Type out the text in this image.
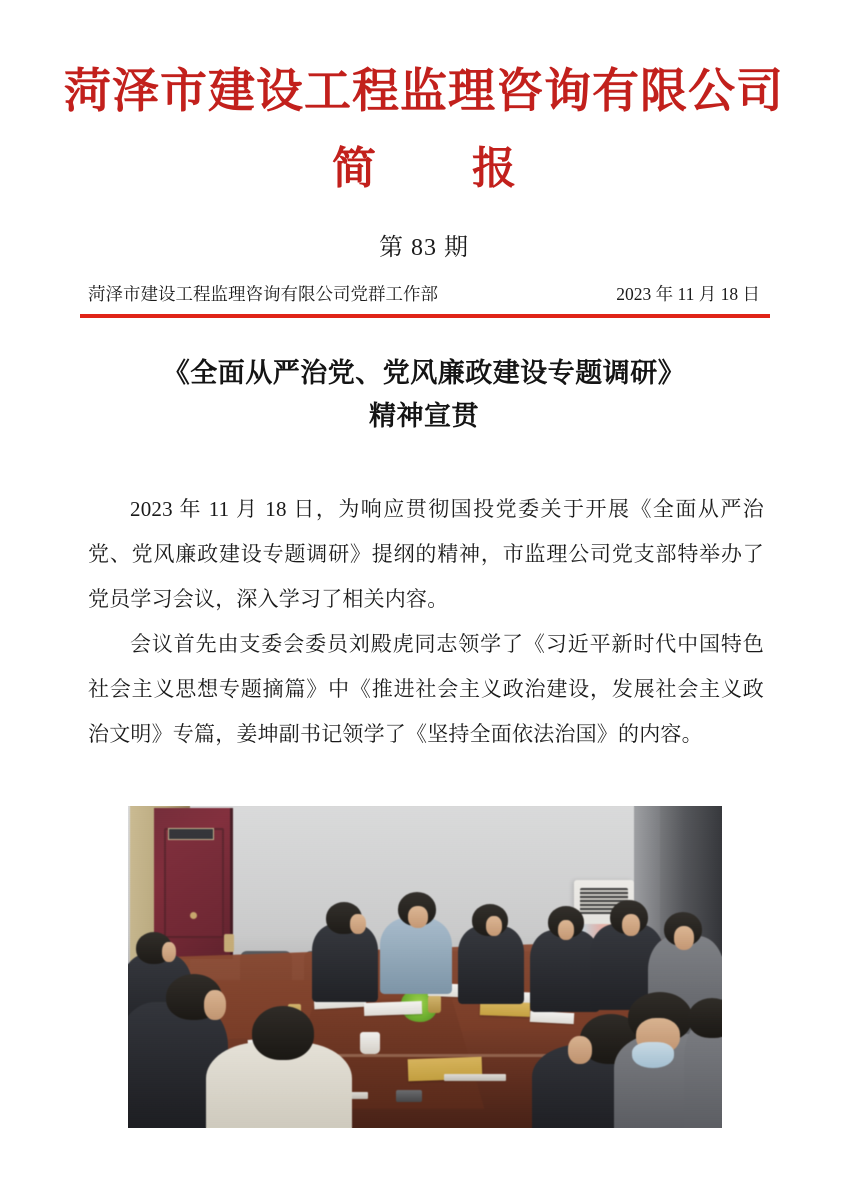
菏泽市建设工程监理咨询有限公司
简　报
第 83 期
菏泽市建设工程监理咨询有限公司党群工作部	2023 年 11 月 18 日
《全面从严治党、党风廉政建设专题调研》
精神宣贯

2023 年 11 月 18 日，为响应贯彻国投党委关于开展《全面从严治党、党风廉政建设专题调研》提纲的精神，市监理公司党支部特举办了党员学习会议，深入学习了相关内容。

会议首先由支委会委员刘殿虎同志领学了《习近平新时代中国特色社会主义思想专题摘篇》中《推进社会主义政治建设，发展社会主义政治文明》专篇，姜坤副书记领学了《坚持全面依法治国》的内容。
